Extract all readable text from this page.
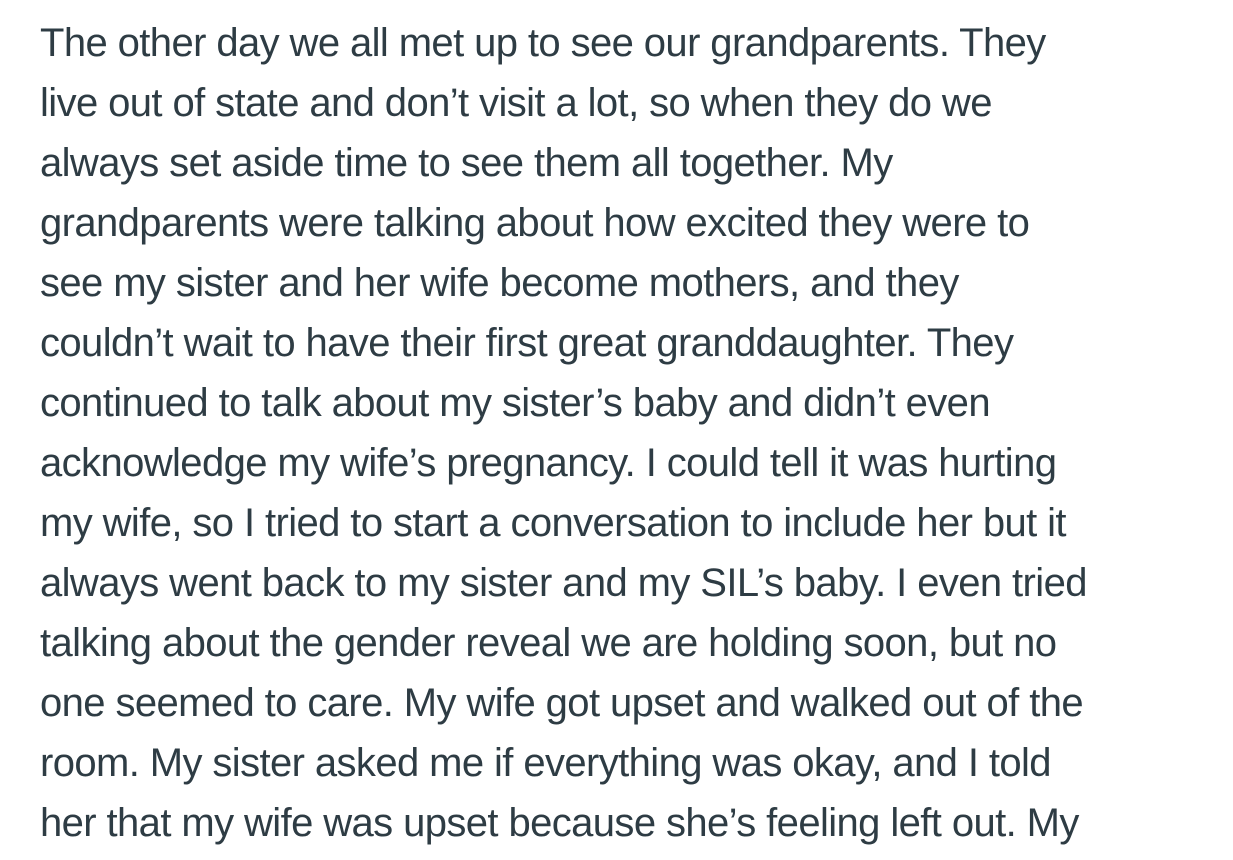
The other day we all met up to see our grandparents. They

live out of state and don’t visit a lot, so when they do we

always set aside time to see them all together. My

grandparents were talking about how excited they were to

see my sister and her wife become mothers, and they

couldn’t wait to have their first great granddaughter. They

continued to talk about my sister’s baby and didn’t even

acknowledge my wife’s pregnancy. I could tell it was hurting

my wife, so I tried to start a conversation to include her but it

always went back to my sister and my SIL’s baby. I even tried

talking about the gender reveal we are holding soon, but no

one seemed to care. My wife got upset and walked out of the

room. My sister asked me if everything was okay, and I told

her that my wife was upset because she’s feeling left out. My
